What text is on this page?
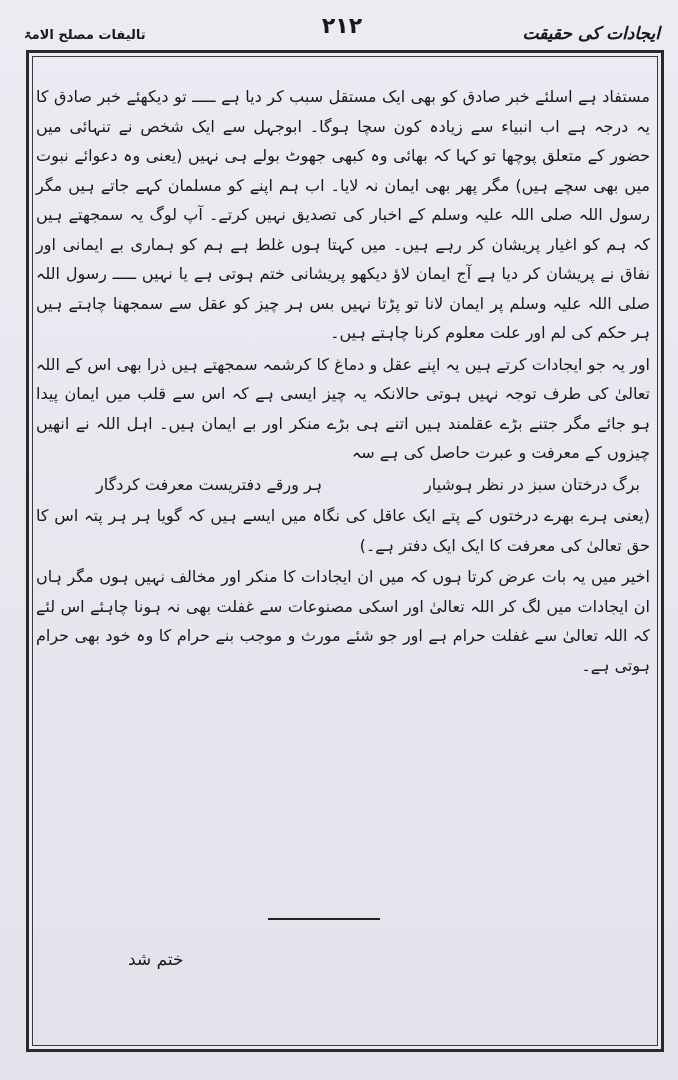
ایجادات کی حقیقت
۲۱۲
تالیفات مصلح الامۃ

مستفاد ہے اسلئے خبر صادق کو بھی ایک مستقل سبب کر دیا ہے ـــــ تو دیکھئے خبر صادق کا یہ درجہ ہے اب انبیاء سے زیادہ کون سچا ہوگا۔ ابوجہل سے ایک شخص نے تنہائی میں حضور کے متعلق پوچھا تو کہا کہ بھائی وہ کبھی جھوٹ بولے ہی نہیں (یعنی وہ دعوائے نبوت میں بھی سچے ہیں) مگر پھر بھی ایمان نہ لایا۔ اب ہم اپنے کو مسلمان کہے جاتے ہیں مگر رسول اللہ صلی اللہ علیہ وسلم کے اخبار کی تصدیق نہیں کرتے۔ آپ لوگ یہ سمجھتے ہیں کہ ہم کو اغیار پریشان کر رہے ہیں۔ میں کہتا ہوں غلط ہے ہم کو ہماری بے ایمانی اور نفاق نے پریشان کر دیا ہے آج ایمان لاؤ دیکھو پریشانی ختم ہوتی ہے یا نہیں ـــــ رسول اللہ صلی اللہ علیہ وسلم پر ایمان لانا تو پڑتا نہیں بس ہر چیز کو عقل سے سمجھنا چاہتے ہیں ہر حکم کی لم اور علت معلوم کرنا چاہتے ہیں۔

اور یہ جو ایجادات کرتے ہیں یہ اپنے عقل و دماغ کا کرشمہ سمجھتے ہیں ذرا بھی اس کے اللہ تعالیٰ کی طرف توجہ نہیں ہوتی حالانکہ یہ چیز ایسی ہے کہ اس سے قلب میں ایمان پیدا ہو جائے مگر جتنے بڑے عقلمند ہیں اتنے ہی بڑے منکر اور بے ایمان ہیں۔ اہل اللہ نے انھیں چیزوں کے معرفت و عبرت حاصل کی ہے سہ

برگ درختان سبز در نظر ہوشیار
ہر ورقے دفتریست معرفت کردگار

(یعنی ہرے بھرے درختوں کے پتے ایک عاقل کی نگاہ میں ایسے ہیں کہ گویا ہر ہر پتہ اس کا حق تعالیٰ کی معرفت کا ایک ایک دفتر ہے۔)

اخیر میں یہ بات عرض کرتا ہوں کہ میں ان ایجادات کا منکر اور مخالف نہیں ہوں مگر ہاں ان ایجادات میں لگ کر اللہ تعالیٰ اور اسکی مصنوعات سے غفلت بھی نہ ہونا چاہئے اس لئے کہ اللہ تعالیٰ سے غفلت حرام ہے اور جو شئے مورث و موجب بنے حرام کا وہ خود بھی حرام ہوتی ہے۔

ختم شد
